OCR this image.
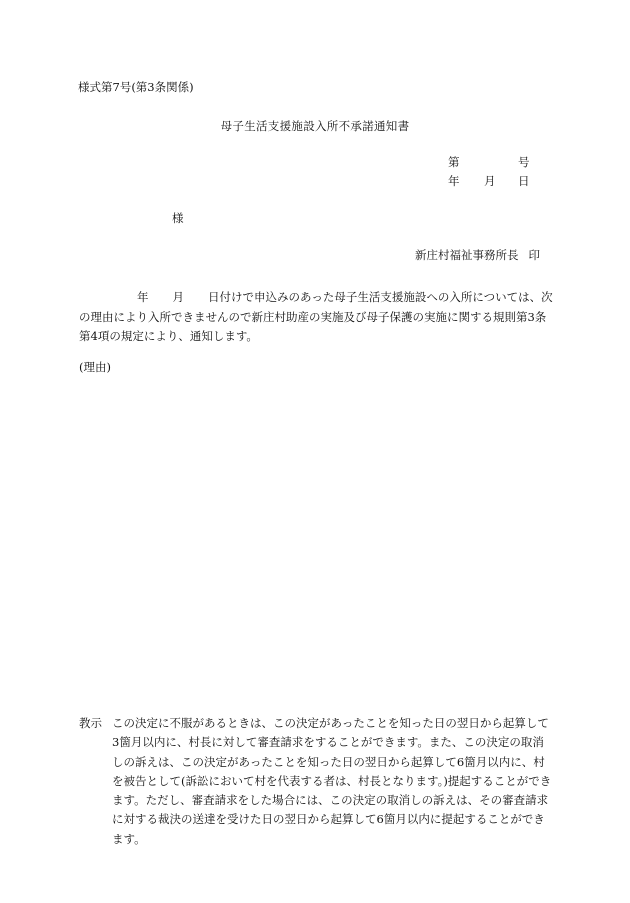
様式第7号(第3条関係)
母子生活支援施設入所不承諾通知書
第	号
年 月 日
様
新庄村福祉事務所長 印
年 月 日付けで申込みのあった母子生活支援施設への入所については、次の理由により入所できませんので新庄村助産の実施及び母子保護の実施に関する規則第3条第4項の規定により、通知します。
(理由)
教示 この決定に不服があるときは、この決定があったことを知った日の翌日から起算して3箇月以内に、村長に対して審査請求をすることができます。また、この決定の取消しの訴えは、この決定があったことを知った日の翌日から起算して6箇月以内に、村を被告として(訴訟において村を代表する者は、村長となります。)提起することができます。ただし、審査請求をした場合には、この決定の取消しの訴えは、その審査請求に対する裁決の送達を受けた日の翌日から起算して6箇月以内に提起することができます。
